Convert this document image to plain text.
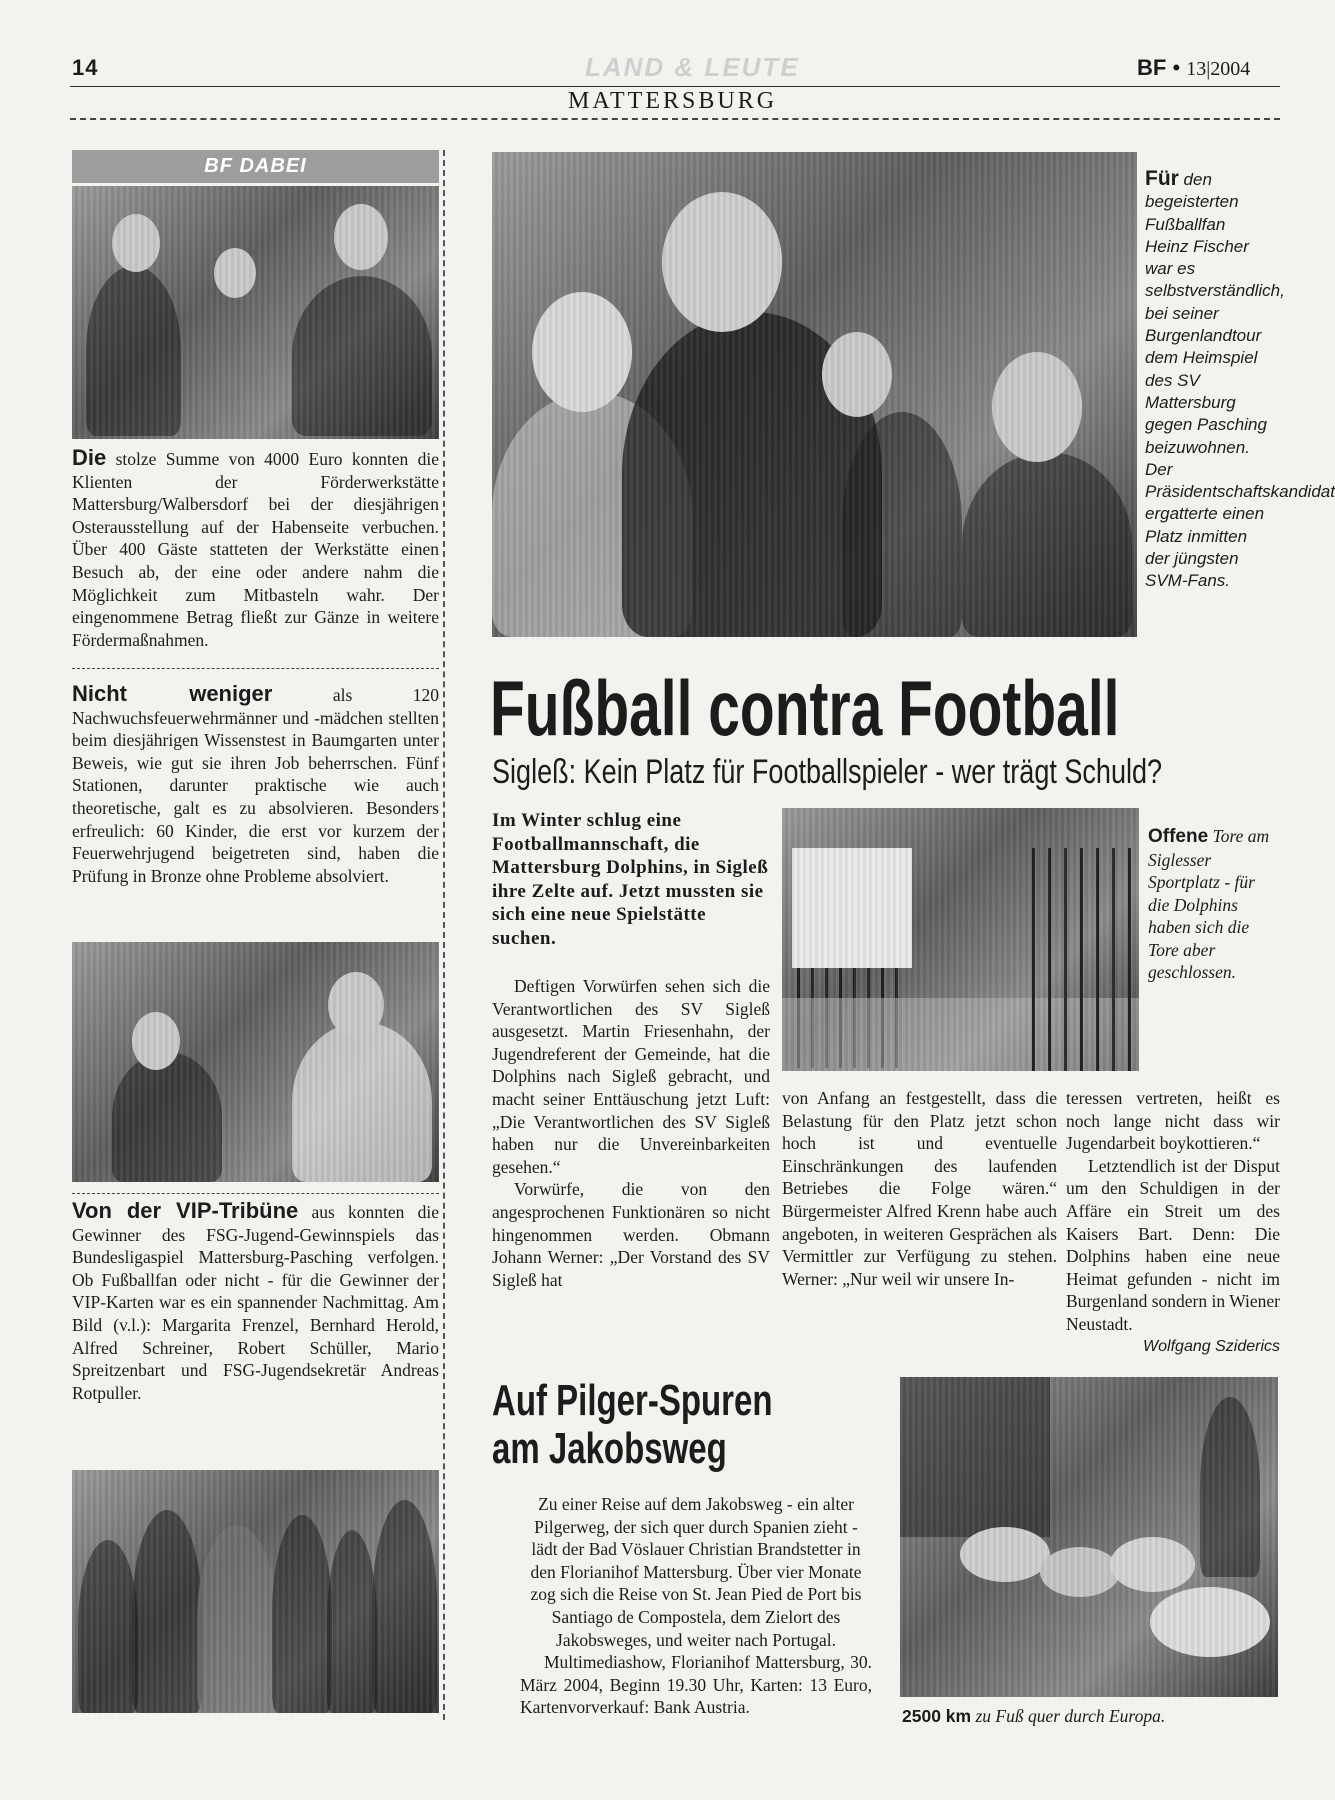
14	LAND & LEUTE
MATTERSBURG
BF • 13|2004
BF DABEI

Die stolze Summe von 4000 Euro konnten die Klienten der Förderwerkstätte Mattersburg/Walbersdorf bei der diesjährigen Osterausstellung auf der Habenseite verbuchen. Über 400 Gäste statteten der Werkstätte einen Besuch ab, der eine oder andere nahm die Möglichkeit zum Mitbasteln wahr. Der eingenommene Betrag fließt zur Gänze in weitere Fördermaßnahmen.

Nicht weniger als 120 Nachwuchsfeuerwehrmänner und -mädchen stellten beim diesjährigen Wissenstest in Baumgarten unter Beweis, wie gut sie ihren Job beherrschen. Fünf Stationen, darunter praktische wie auch theoretische, galt es zu absolvieren. Besonders erfreulich: 60 Kinder, die erst vor kurzem der Feuerwehrjugend beigetreten sind, haben die Prüfung in Bronze ohne Probleme absolviert.

Von der VIP-Tribüne aus konnten die Gewinner des FSG-Jugend-Gewinnspiels das Bundesligaspiel Mattersburg-Pasching verfolgen. Ob Fußballfan oder nicht - für die Gewinner der VIP-Karten war es ein spannender Nachmittag. Am Bild (v.l.): Margarita Frenzel, Bernhard Herold, Alfred Schreiner, Robert Schüller, Mario Spreitzenbart und FSG-Jugendsekretär Andreas Rotpuller.

Für den begeisterten Fußballfan Heinz Fischer war es selbstverständlich, bei seiner Burgenlandtour dem Heimspiel des SV Mattersburg gegen Pasching beizuwohnen. Der Präsidentschaftskandidat ergatterte einen Platz inmitten der jüngsten SVM-Fans.
Fußball contra Football
Sigleß: Kein Platz für Footballspieler - wer trägt Schuld?
Im Winter schlug eine Footballmannschaft, die Mattersburg Dolphins, in Sigleß ihre Zelte auf. Jetzt mussten sie sich eine neue Spielstätte suchen.
Offene Tore am Siglesser Sportplatz - für die Dolphins haben sich die Tore aber geschlossen.

Deftigen Vorwürfen sehen sich die Verantwortlichen des SV Sigleß ausgesetzt. Martin Friesenhahn, der Jugendreferent der Gemeinde, hat die Dolphins nach Sigleß gebracht, und macht seiner Enttäuschung jetzt Luft: „Die Verantwortlichen des SV Sigleß haben nur die Unvereinbarkeiten gesehen.“

Vorwürfe, die von den angesprochenen Funktionären so nicht hingenommen werden. Obmann Johann Werner: „Der Vorstand des SV Sigleß hat

von Anfang an festgestellt, dass die Belastung für den Platz jetzt schon hoch ist und eventuelle Einschränkungen des laufenden Betriebes die Folge wären.“ Bürgermeister Alfred Krenn habe auch angeboten, in weiteren Gesprächen als Vermittler zur Verfügung zu stehen. Werner: „Nur weil wir unsere In-

teressen vertreten, heißt es noch lange nicht dass wir Jugendarbeit boykottieren.“

Letztendlich ist der Disput um den Schuldigen in der Affäre ein Streit um des Kaisers Bart. Denn: Die Dolphins haben eine neue Heimat gefunden - nicht im Burgenland sondern in Wiener Neustadt.

Wolfgang Sziderics
Auf Pilger-Spuren am Jakobsweg

Zu einer Reise auf dem Jakobsweg - ein alter Pilgerweg, der sich quer durch Spanien zieht - lädt der Bad Vöslauer Christian Brandstetter in den Florianihof Mattersburg. Über vier Monate zog sich die Reise von St. Jean Pied de Port bis Santiago de Compostela, dem Zielort des Jakobsweges, und weiter nach Portugal.

Multimediashow, Florianihof Mattersburg, 30. März 2004, Beginn 19.30 Uhr, Karten: 13 Euro, Kartenvorverkauf: Bank Austria.	2500 km zu Fuß quer durch Europa.
